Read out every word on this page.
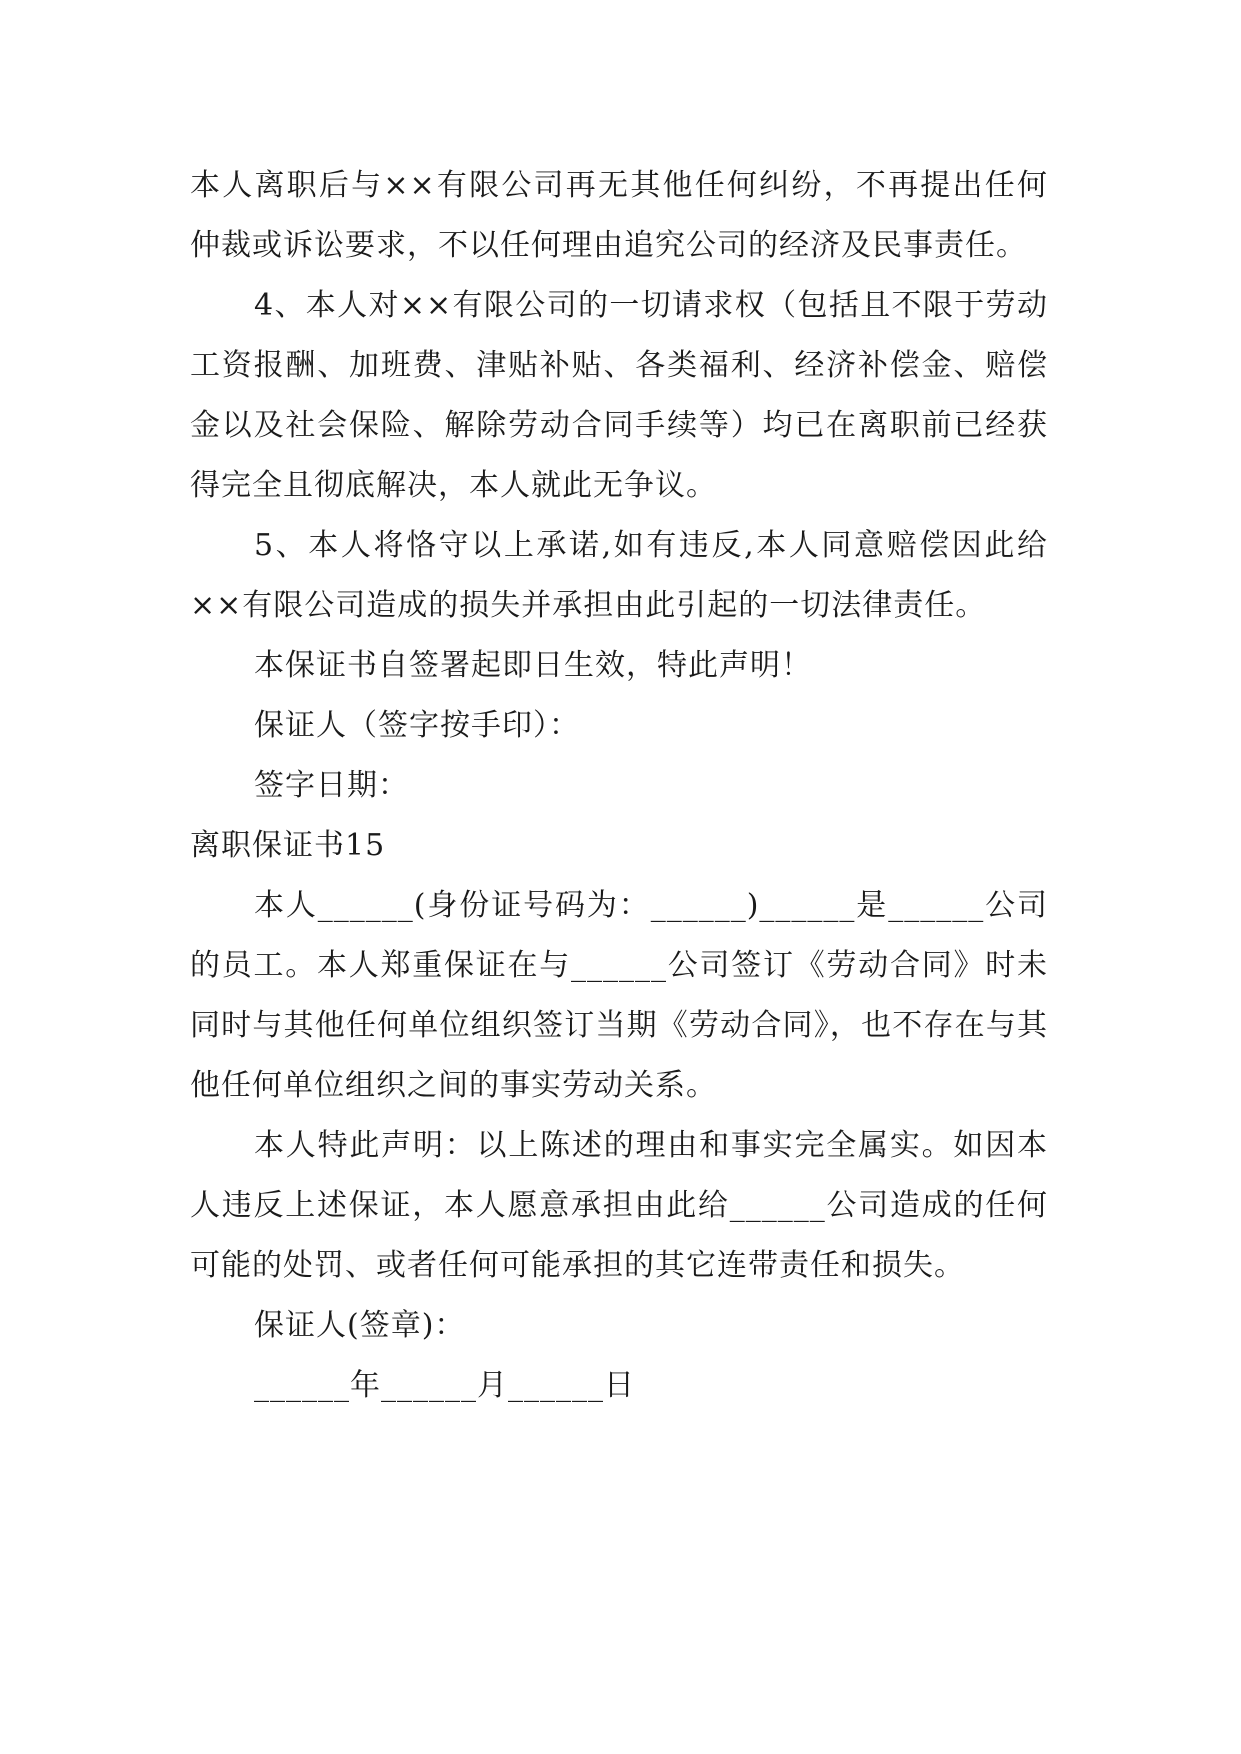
本人离职后与××有限公司再无其他任何纠纷，不再提出任何仲裁或诉讼要求，不以任何理由追究公司的经济及民事责任。

4、本人对××有限公司的一切请求权（包括且不限于劳动工资报酬、加班费、津贴补贴、各类福利、经济补偿金、赔偿金以及社会保险、解除劳动合同手续等）均已在离职前已经获得完全且彻底解决，本人就此无争议。

5、本人将恪守以上承诺,如有违反,本人同意赔偿因此给××有限公司造成的损失并承担由此引起的一切法律责任。

本保证书自签署起即日生效，特此声明！

保证人（签字按手印）：

签字日期：

离职保证书15

本人______(身份证号码为：______)______是______公司的员工。本人郑重保证在与______公司签订《劳动合同》时未同时与其他任何单位组织签订当期《劳动合同》，也不存在与其他任何单位组织之间的事实劳动关系。

本人特此声明：以上陈述的理由和事实完全属实。如因本人违反上述保证，本人愿意承担由此给______公司造成的任何可能的处罚、或者任何可能承担的其它连带责任和损失。

保证人(签章)：

______年______月______日
